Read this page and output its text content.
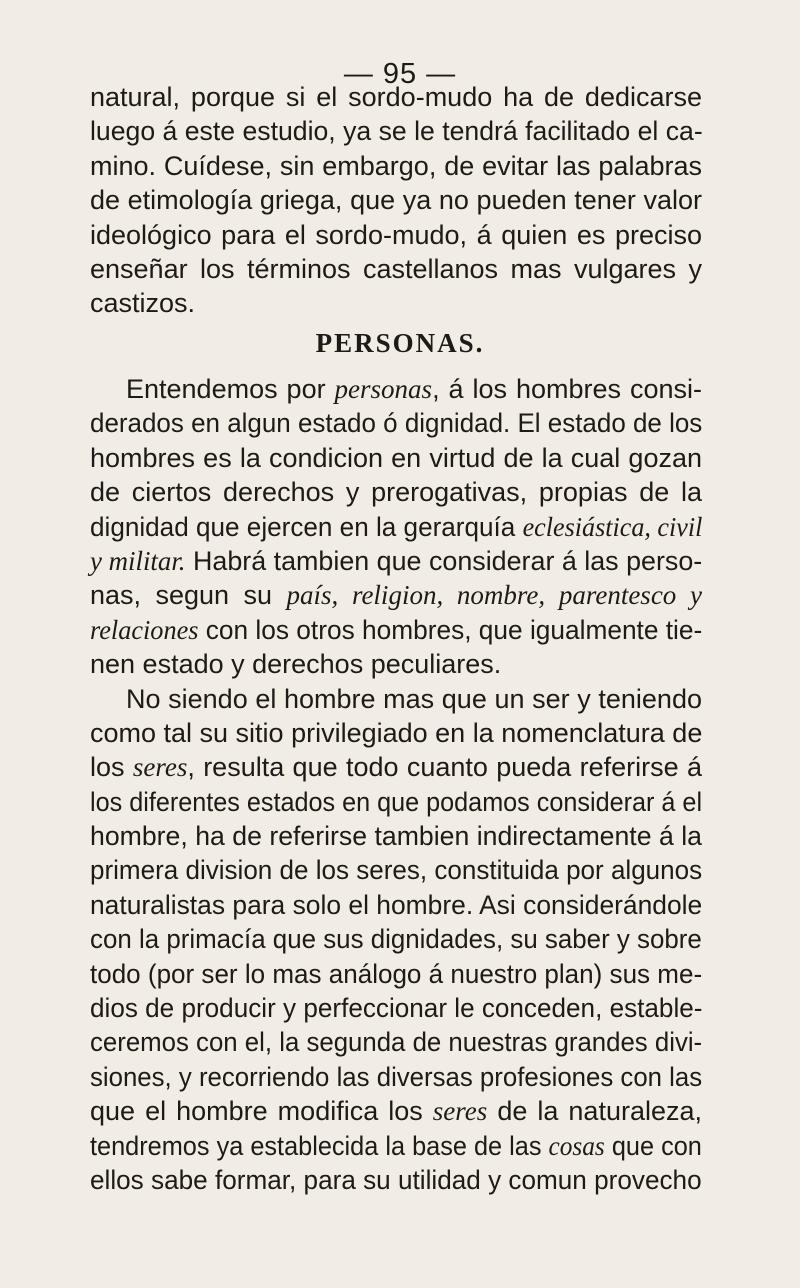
— 95 —
natural, porque si el sordo-mudo ha de dedicarse
luego á este estudio, ya se le tendrá facilitado el ca-
mino. Cuídese, sin embargo, de evitar las palabras
de etimología griega, que ya no pueden tener valor
ideológico para el sordo-mudo, á quien es preciso
enseñar los términos castellanos mas vulgares y
castizos.
PERSONAS.
Entendemos por personas, á los hombres consi-
derados en algun estado ó dignidad. El estado de los
hombres es la condicion en virtud de la cual gozan
de ciertos derechos y prerogativas, propias de la
dignidad que ejercen en la gerarquía eclesiástica, civil
y militar. Habrá tambien que considerar á las perso-
nas, segun su país, religion, nombre, parentesco y
relaciones con los otros hombres, que igualmente tie-
nen estado y derechos peculiares.
No siendo el hombre mas que un ser y teniendo
como tal su sitio privilegiado en la nomenclatura de
los seres, resulta que todo cuanto pueda referirse á
los diferentes estados en que podamos considerar á el
hombre, ha de referirse tambien indirectamente á la
primera division de los seres, constituida por algunos
naturalistas para solo el hombre. Asi considerándole
con la primacía que sus dignidades, su saber y sobre
todo (por ser lo mas análogo á nuestro plan) sus me-
dios de producir y perfeccionar le conceden, estable-
ceremos con el, la segunda de nuestras grandes divi-
siones, y recorriendo las diversas profesiones con las
que el hombre modifica los seres de la naturaleza,
tendremos ya establecida la base de las cosas que con
ellos sabe formar, para su utilidad y comun provecho
